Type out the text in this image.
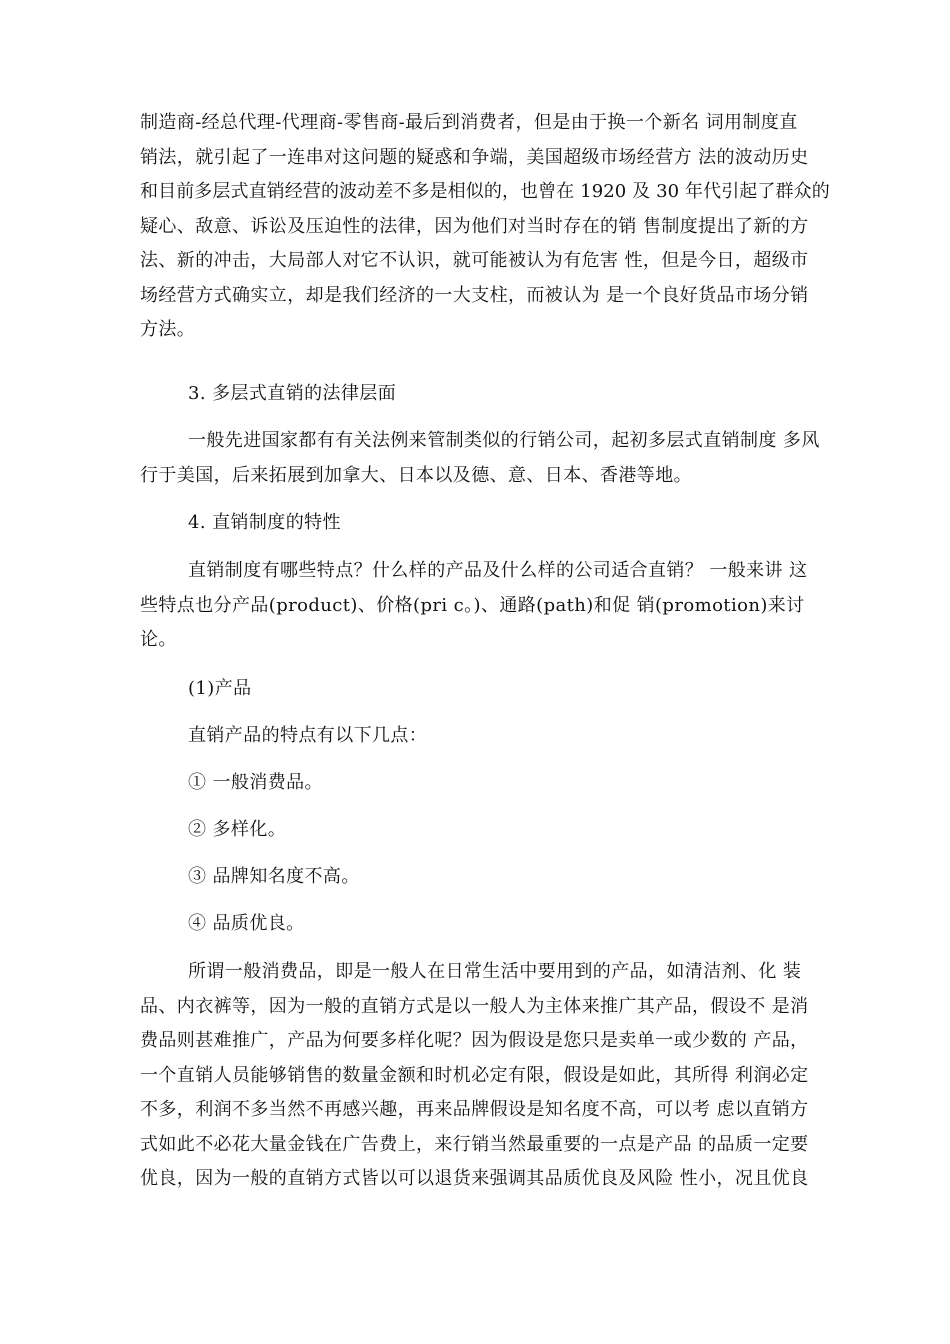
制造商-经总代理-代理商-零售商-最后到消费者，但是由于换一个新名 词用制度直
销法，就引起了一连串对这问题的疑惑和争端，美国超级市场经营方 法的波动历史
和目前多层式直销经营的波动差不多是相似的，也曾在 1920 及 30 年代引起了群众的
疑心、敌意、诉讼及压迫性的法律，因为他们对当时存在的销 售制度提出了新的方
法、新的冲击，大局部人对它不认识，就可能被认为有危害 性，但是今日，超级市
场经营方式确实立，却是我们经济的一大支柱，而被认为 是一个良好货品市场分销
方法。
3. 多层式直销的法律层面
一般先进国家都有有关法例来管制类似的行销公司，起初多层式直销制度 多风
行于美国，后来拓展到加拿大、日本以及德、意、日本、香港等地。
4. 直销制度的特性
直销制度有哪些特点？什么样的产品及什么样的公司适合直销？ 一般来讲 这
些特点也分产品(product)、价格(pri c。)、通路(path)和促 销(promotion)来讨
论。
(1)产品
直销产品的特点有以下几点：
① 一般消费品。
② 多样化。
③ 品牌知名度不高。
④ 品质优良。
所谓一般消费品，即是一般人在日常生活中要用到的产品，如清洁剂、化 装
品、内衣裤等，因为一般的直销方式是以一般人为主体来推广其产品，假设不 是消
费品则甚难推广，产品为何要多样化呢？因为假设是您只是卖单一或少数的 产品，
一个直销人员能够销售的数量金额和时机必定有限，假设是如此，其所得 利润必定
不多，利润不多当然不再感兴趣，再来品牌假设是知名度不高，可以考 虑以直销方
式如此不必花大量金钱在广告费上，来行销当然最重要的一点是产品 的品质一定要
优良，因为一般的直销方式皆以可以退货来强调其品质优良及风险 性小，况且优良
